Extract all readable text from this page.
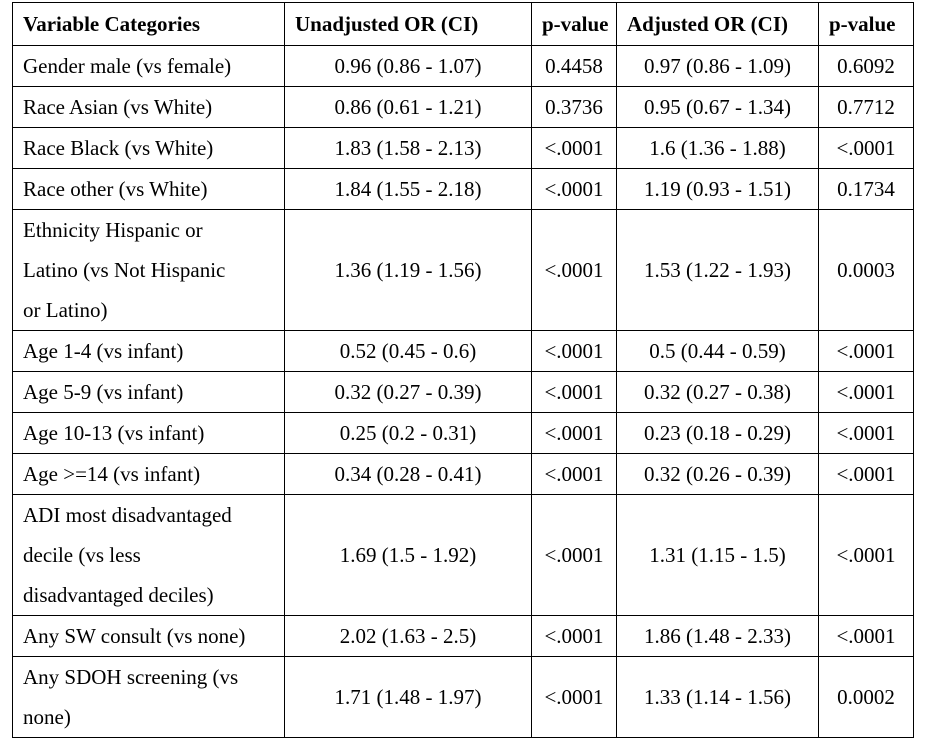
Variable Categories	Unadjusted OR (CI)	p-value	Adjusted OR (CI)	p-value

Gender male (vs female)	0.96 (0.86 - 1.07)	0.4458	0.97 (0.86 - 1.09)	0.6092

Race Asian (vs White)	0.86 (0.61 - 1.21)	0.3736	0.95 (0.67 - 1.34)	0.7712

Race Black (vs White)	1.83 (1.58 - 2.13)	<.0001	1.6 (1.36 - 1.88)	<.0001

Race other (vs White)	1.84 (1.55 - 2.18)	<.0001	1.19 (0.93 - 1.51)	0.1734

Ethnicity Hispanic or
Latino (vs Not Hispanic
or Latino)	1.36 (1.19 - 1.56)	<.0001	1.53 (1.22 - 1.93)	0.0003

Age 1-4 (vs infant)	0.52 (0.45 - 0.6)	<.0001	0.5 (0.44 - 0.59)	<.0001

Age 5-9 (vs infant)	0.32 (0.27 - 0.39)	<.0001	0.32 (0.27 - 0.38)	<.0001

Age 10-13 (vs infant)	0.25 (0.2 - 0.31)	<.0001	0.23 (0.18 - 0.29)	<.0001

Age >=14 (vs infant)	0.34 (0.28 - 0.41)	<.0001	0.32 (0.26 - 0.39)	<.0001

ADI most disadvantaged
decile (vs less
disadvantaged deciles)	1.69 (1.5 - 1.92)	<.0001	1.31 (1.15 - 1.5)	<.0001

Any SW consult (vs none)	2.02 (1.63 - 2.5)	<.0001	1.86 (1.48 - 2.33)	<.0001

Any SDOH screening (vs
none)	1.71 (1.48 - 1.97)	<.0001	1.33 (1.14 - 1.56)	0.0002
